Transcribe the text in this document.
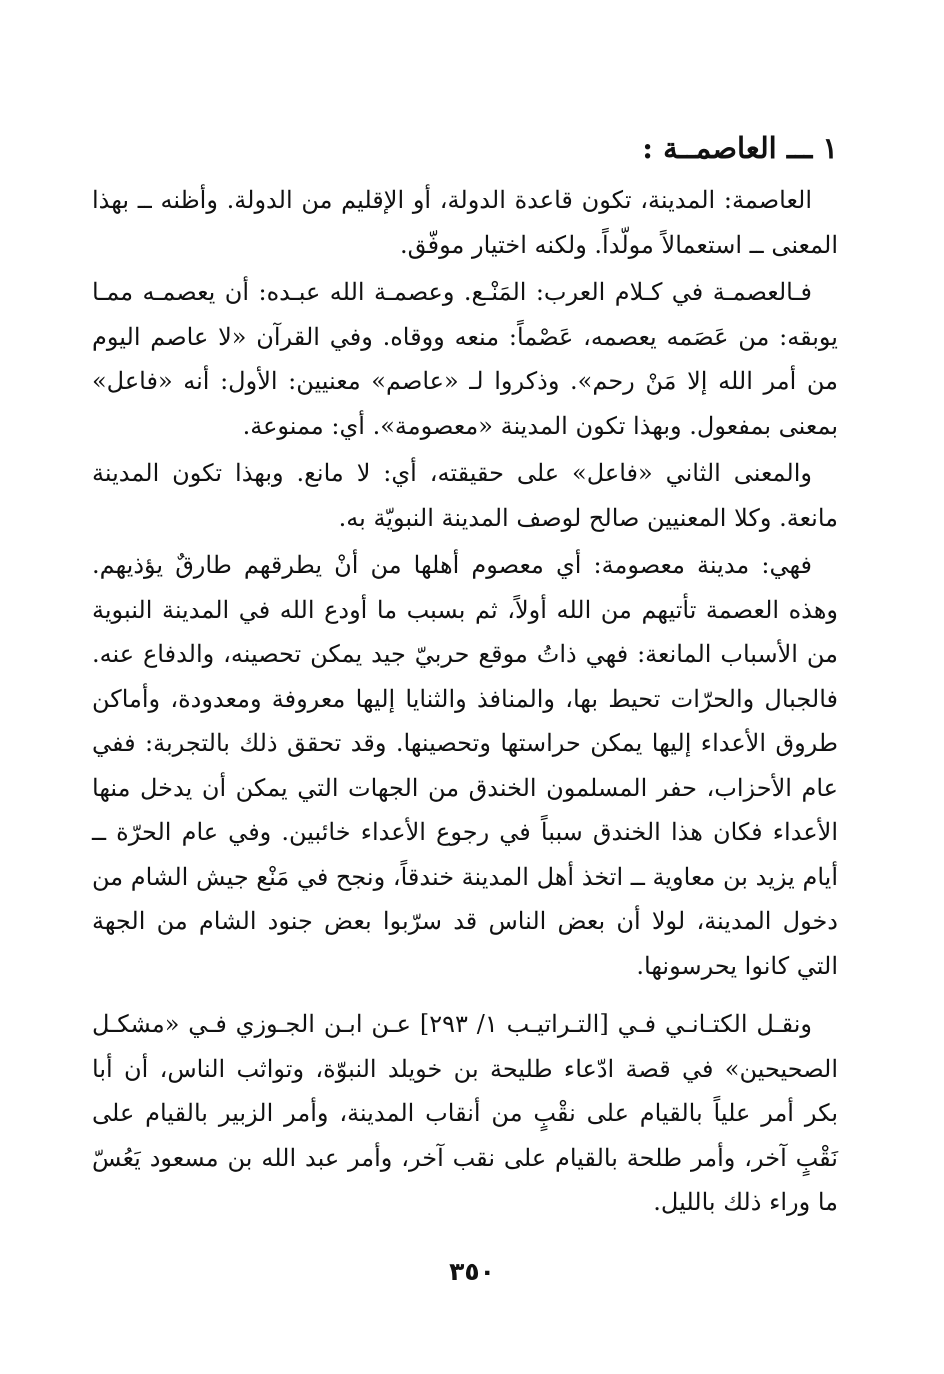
١ ـــ العاصمــة :

العاصمة: المدينة، تكون قاعدة الدولة، أو الإقليم من الدولة. وأظنه ــ بهذا المعنى ــ استعمالاً مولّداً. ولكنه اختيار موفّق.

فـالعصمـة في كـلام العرب: المَنْـع. وعصمـة الله عبـده: أن يعصمـه ممـا يوبقه: من عَصَمه يعصمه، عَصْماً: منعه ووقاه. وفي القرآن «لا عاصم اليوم من أمر الله إلا مَنْ رحم». وذكروا لـ «عاصم» معنيين: الأول: أنه «فاعل» بمعنى بمفعول. وبهذا تكون المدينة «معصومة». أي: ممنوعة.

والمعنى الثاني «فاعل» على حقيقته، أي: لا مانع. وبهذا تكون المدينة مانعة. وكلا المعنيين صالح لوصف المدينة النبويّة به.

فهي: مدينة معصومة: أي معصوم أهلها من أنْ يطرقهم طارقٌ يؤذيهم. وهذه العصمة تأتيهم من الله أولاً، ثم بسبب ما أودع الله في المدينة النبوية من الأسباب المانعة: فهي ذاتُ موقع حربيّ جيد يمكن تحصينه، والدفاع عنه. فالجبال والحرّات تحيط بها، والمنافذ والثنايا إليها معروفة ومعدودة، وأماكن طروق الأعداء إليها يمكن حراستها وتحصينها. وقد تحقق ذلك بالتجربة: ففي عام الأحزاب، حفر المسلمون الخندق من الجهات التي يمكن أن يدخل منها الأعداء فكان هذا الخندق سبباً في رجوع الأعداء خائبين. وفي عام الحرّة ــ أيام يزيد بن معاوية ــ اتخذ أهل المدينة خندقاً، ونجح في مَنْع جيش الشام من دخول المدينة، لولا أن بعض الناس قد سرّبوا بعض جنود الشام من الجهة التي كانوا يحرسونها.

ونقـل الكتـانـي فـي [التـراتيـب ١/ ٢٩٣] عـن ابـن الجـوزي فـي «مشكـل الصحيحين» في قصة ادّعاء طليحة بن خويلد النبوّة، وتواثب الناس، أن أبا بكر أمر علياً بالقيام على نقْبٍ من أنقاب المدينة، وأمر الزبير بالقيام على نَقْبٍ آخر، وأمر طلحة بالقيام على نقب آخر، وأمر عبد الله بن مسعود يَعُسّ ما وراء ذلك بالليل.

٣٥٠
